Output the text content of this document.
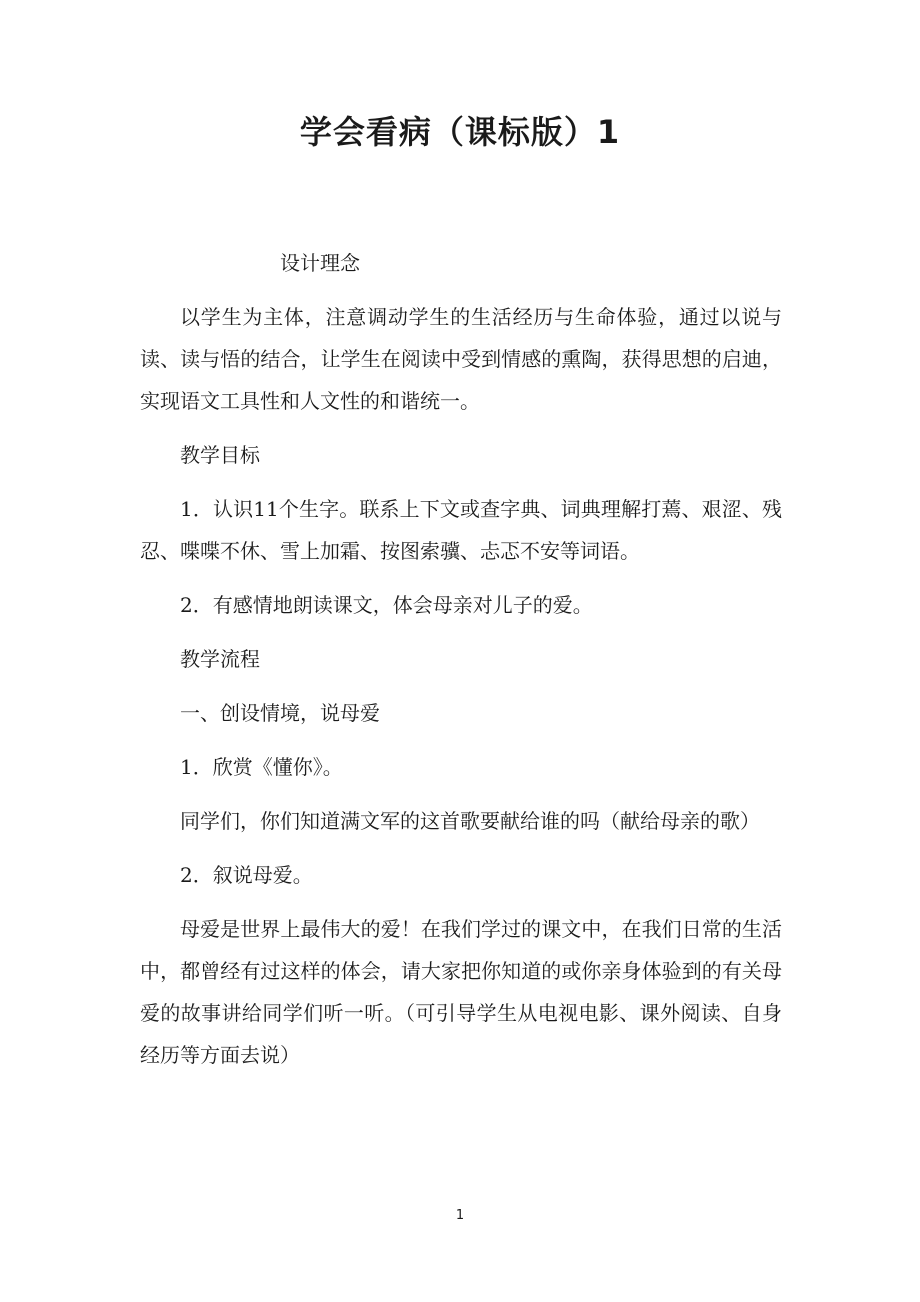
学会看病（课标版）1

设计理念

以学生为主体，注意调动学生的生活经历与生命体验，通过以说与读、读与悟的结合，让学生在阅读中受到情感的熏陶，获得思想的启迪，实现语文工具性和人文性的和谐统一。

教学目标

1．认识11个生字。联系上下文或查字典、词典理解打蔫、艰涩、残忍、喋喋不休、雪上加霜、按图索骥、忐忑不安等词语。

2．有感情地朗读课文，体会母亲对儿子的爱。

教学流程

一、创设情境，说母爱

1．欣赏《懂你》。

同学们，你们知道满文军的这首歌要献给谁的吗（献给母亲的歌）

2．叙说母爱。

母爱是世界上最伟大的爱！在我们学过的课文中，在我们日常的生活中，都曾经有过这样的体会，请大家把你知道的或你亲身体验到的有关母爱的故事讲给同学们听一听。（可引导学生从电视电影、课外阅读、自身经历等方面去说）

1
